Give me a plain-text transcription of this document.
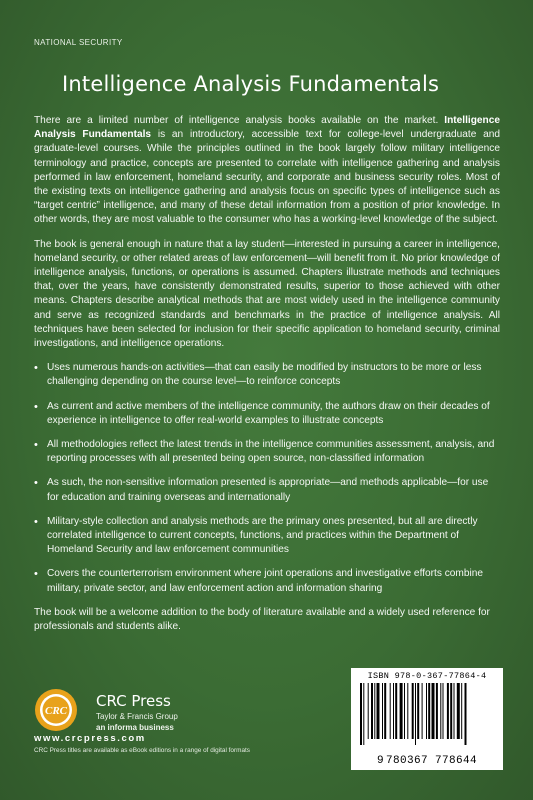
NATIONAL SECURITY
Intelligence Analysis Fundamentals

There are a limited number of intelligence analysis books available on the market. Intelligence Analysis Fundamentals is an introductory, accessible text for college-level undergraduate and graduate-level courses. While the principles outlined in the book largely follow military intelligence terminology and practice, concepts are presented to correlate with intelligence gathering and analysis performed in law enforcement, homeland security, and corporate and business security roles. Most of the existing texts on intelligence gathering and analysis focus on specific types of intelligence such as “target centric” intelligence, and many of these detail information from a position of prior knowledge. In other words, they are most valuable to the consumer who has a working-level knowledge of the subject.

The book is general enough in nature that a lay student—interested in pursuing a career in intelligence, homeland security, or other related areas of law enforcement—will benefit from it. No prior knowledge of intelligence analysis, functions, or operations is assumed. Chapters illustrate methods and techniques that, over the years, have consistently demonstrated results, superior to those achieved with other means. Chapters describe analytical methods that are most widely used in the intelligence community and serve as recognized standards and benchmarks in the practice of intelligence analysis. All techniques have been selected for inclusion for their specific application to homeland security, criminal investigations, and intelligence operations.

• Uses numerous hands-on activities—that can easily be modified by instructors to be more or less challenging depending on the course level—to reinforce concepts
• As current and active members of the intelligence community, the authors draw on their decades of experience in intelligence to offer real-world examples to illustrate concepts
• All methodologies reflect the latest trends in the intelligence communities assessment, analysis, and reporting processes with all presented being open source, non-classified information
• As such, the non-sensitive information presented is appropriate—and methods applicable—for use for education and training overseas and internationally
• Military-style collection and analysis methods are the primary ones presented, but all are directly correlated intelligence to current concepts, functions, and practices within the Department of Homeland Security and law enforcement communities
• Covers the counterterrorism environment where joint operations and investigative efforts combine military, private sector, and law enforcement action and information sharing

The book will be a welcome addition to the body of literature available and a widely used reference for professionals and students alike.

CRC
CRC Press
Taylor & Francis Group
an informa business
www.crcpress.com
CRC Press titles are available as eBook editions in a range of digital formats
ISBN 978-0-367-77864-4
9 780367 778644
